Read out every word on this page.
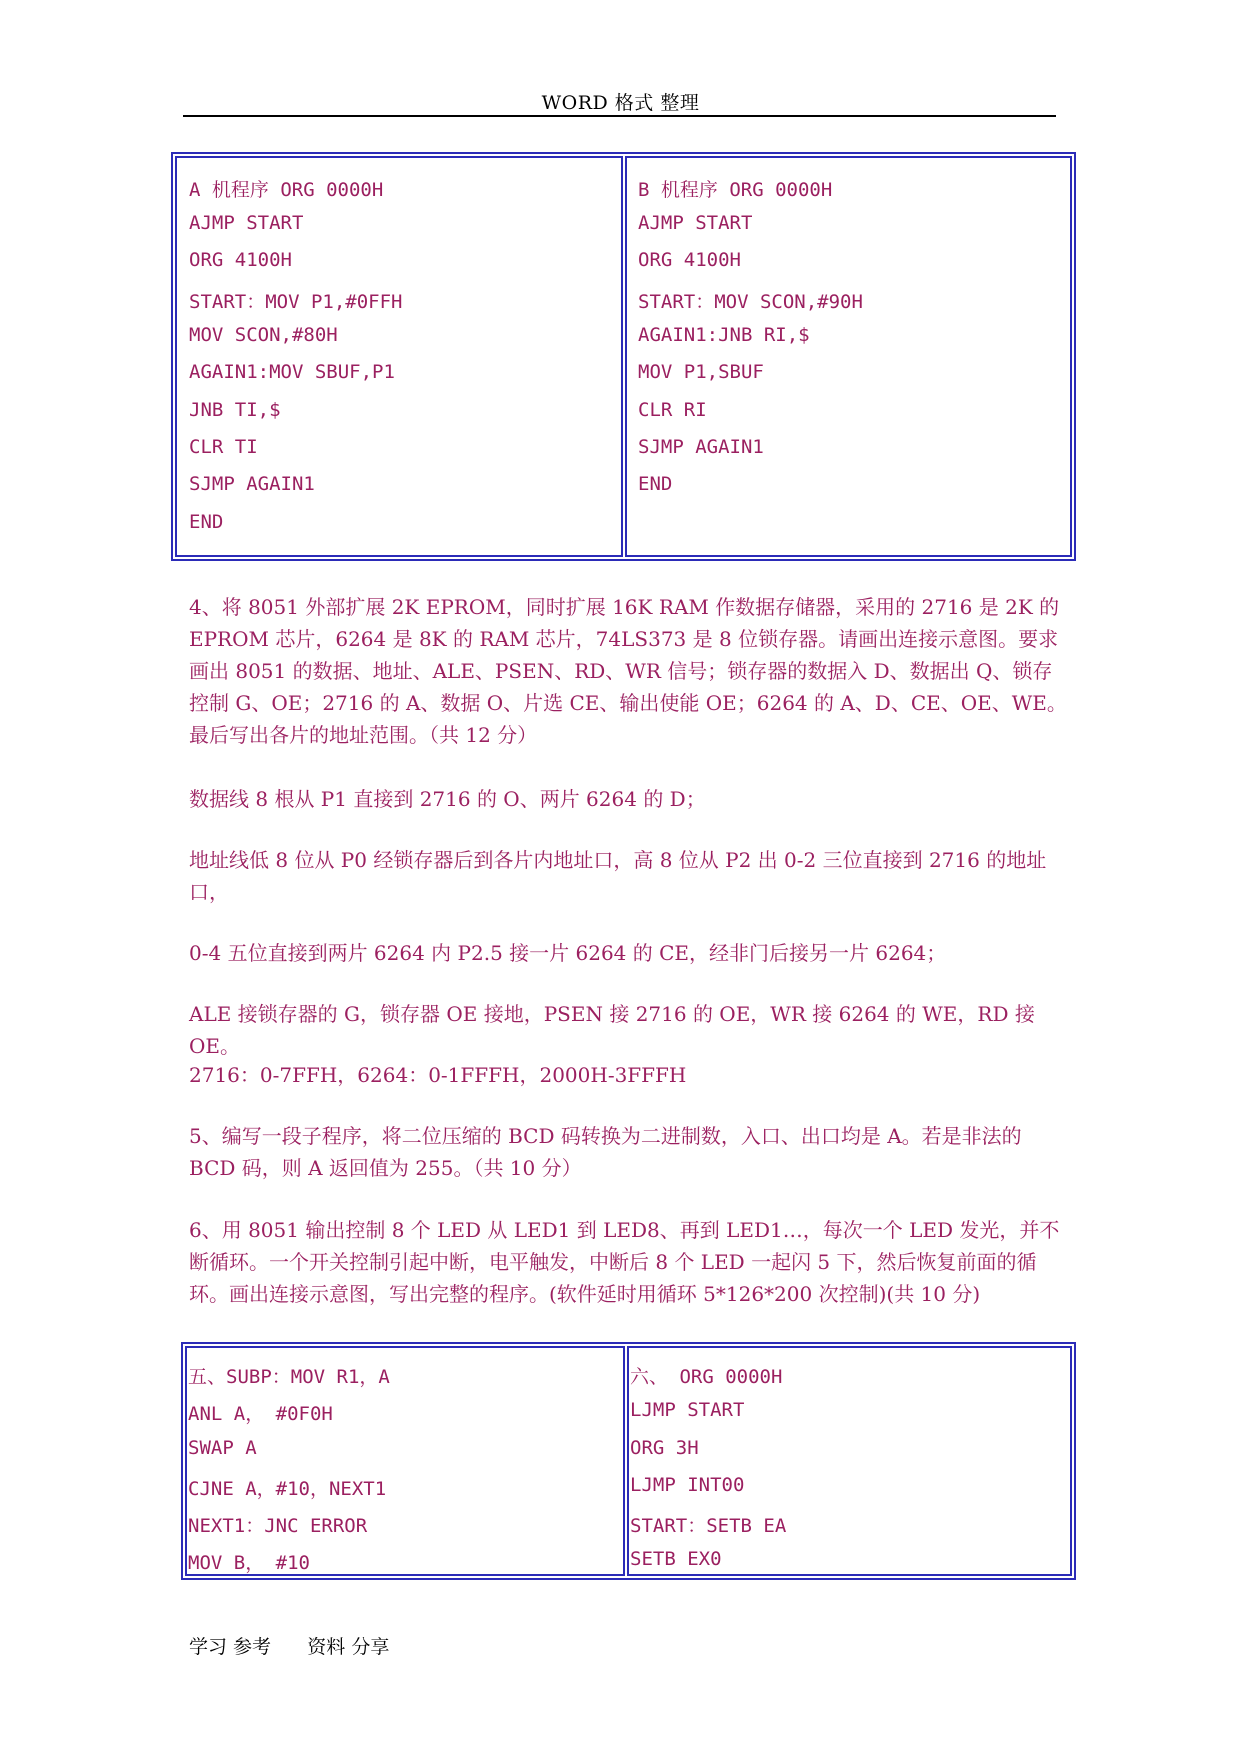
WORD 格式 整理
A 机程序 ORG 0000H
AJMP START
ORG 4100H
START：MOV P1,#0FFH
MOV SCON,#80H
AGAIN1:MOV SBUF,P1
JNB TI,$
CLR TI
SJMP AGAIN1
END
B 机程序 ORG 0000H
AJMP START
ORG 4100H
START：MOV SCON,#90H
AGAIN1:JNB RI,$
MOV P1,SBUF
CLR RI
SJMP AGAIN1
END

4、将 8051 外部扩展 2K EPROM，同时扩展 16K RAM 作数据存储器，采用的 2716 是 2K 的 EPROM 芯片，6264 是 8K 的 RAM 芯片，74LS373 是 8 位锁存器。请画出连接示意图。要求画出 8051 的数据、地址、ALE、PSEN、RD、WR 信号；锁存器的数据入 D、数据出 Q、锁存控制 G、OE；2716 的 A、数据 O、片选 CE、输出使能 OE；6264 的 A、D、CE、OE、WE。最后写出各片的地址范围。（共 12 分）

数据线 8 根从 P1 直接到 2716 的 O、两片 6264 的 D；

地址线低 8 位从 P0 经锁存器后到各片内地址口，高 8 位从 P2 出 0-2 三位直接到 2716 的地址口，

0-4 五位直接到两片 6264 内 P2.5 接一片 6264 的 CE，经非门后接另一片 6264；

ALE 接锁存器的 G，锁存器 OE 接地，PSEN 接 2716 的 OE，WR 接 6264 的 WE，RD 接 OE。

2716：0-7FFH，6264：0-1FFFH，2000H-3FFFH

5、编写一段子程序，将二位压缩的 BCD 码转换为二进制数，入口、出口均是 A。若是非法的 BCD 码，则 A 返回值为 255。（共 10 分）

6、用 8051 输出控制 8 个 LED 从 LED1 到 LED8、再到 LED1…，每次一个 LED 发光，并不断循环。一个开关控制引起中断，电平触发，中断后 8 个 LED 一起闪 5 下，然后恢复前面的循环。画出连接示意图，写出完整的程序。(软件延时用循环 5*126*200 次控制)(共 10 分)

五、SUBP：MOV R1，A
ANL A， #0F0H
SWAP A
CJNE A，#10，NEXT1
NEXT1：JNC ERROR
MOV B， #10
六、 ORG 0000H
LJMP START
ORG 3H
LJMP INT00
START：SETB EA
SETB EX0
学习 参考 资料 分享
